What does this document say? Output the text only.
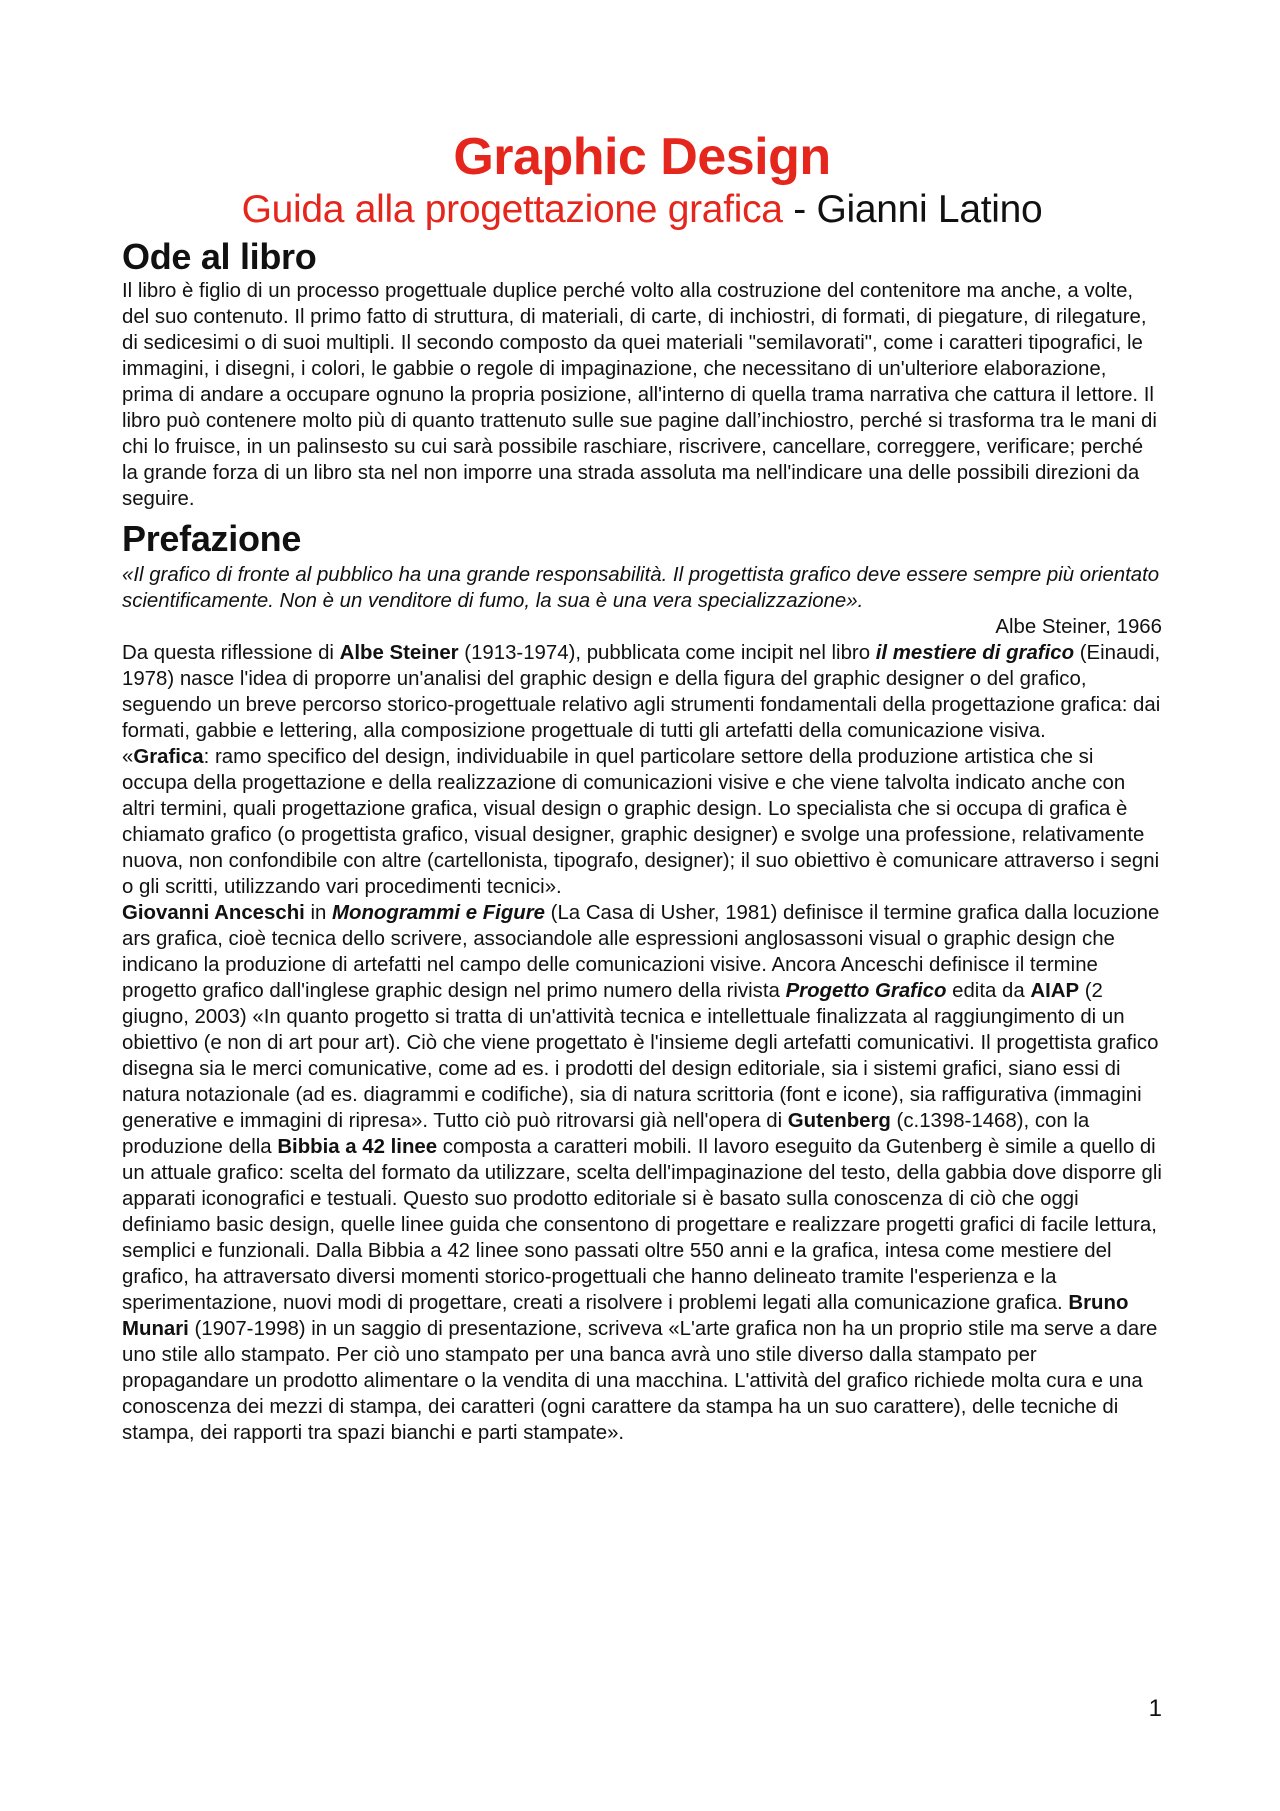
Graphic Design
Guida alla progettazione grafica - Gianni Latino
Ode al libro

Il libro è figlio di un processo progettuale duplice perché volto alla costruzione del contenitore ma anche, a volte, del suo contenuto. Il primo fatto di struttura, di materiali, di carte, di inchiostri, di formati, di piegature, di rilegature, di sedicesimi o di suoi multipli. Il secondo composto da quei materiali "semilavorati", come i caratteri tipografici, le immagini, i disegni, i colori, le gabbie o regole di impaginazione, che necessitano di un'ulteriore elaborazione, prima di andare a occupare ognuno la propria posizione, all'interno di quella trama narrativa che cattura il lettore. Il libro può contenere molto più di quanto trattenuto sulle sue pagine dall’inchiostro, perché si trasforma tra le mani di chi lo fruisce, in un palinsesto su cui sarà possibile raschiare, riscrivere, cancellare, correggere, verificare; perché la grande forza di un libro sta nel non imporre una strada assoluta ma nell'indicare una delle possibili direzioni da seguire.

Prefazione

«Il grafico di fronte al pubblico ha una grande responsabilità. Il progettista grafico deve essere sempre più orientato scientificamente. Non è un venditore di fumo, la sua è una vera specializzazione».

Albe Steiner, 1966

Da questa riflessione di Albe Steiner (1913-1974), pubblicata come incipit nel libro il mestiere di grafico (Einaudi, 1978) nasce l'idea di proporre un'analisi del graphic design e della figura del graphic designer o del grafico, seguendo un breve percorso storico-progettuale relativo agli strumenti fondamentali della progettazione grafica: dai formati, gabbie e lettering, alla composizione progettuale di tutti gli artefatti della comunicazione visiva.

«Grafica: ramo specifico del design, individuabile in quel particolare settore della produzione artistica che si occupa della progettazione e della realizzazione di comunicazioni visive e che viene talvolta indicato anche con altri termini, quali progettazione grafica, visual design o graphic design. Lo specialista che si occupa di grafica è chiamato grafico (o progettista grafico, visual designer, graphic designer) e svolge una professione, relativamente nuova, non confondibile con altre (cartellonista, tipografo, designer); il suo obiettivo è comunicare attraverso i segni o gli scritti, utilizzando vari procedimenti tecnici».

Giovanni Anceschi in Monogrammi e Figure (La Casa di Usher, 1981) definisce il termine grafica dalla locuzione ars grafica, cioè tecnica dello scrivere, associandole alle espressioni anglosassoni visual o graphic design che indicano la produzione di artefatti nel campo delle comunicazioni visive. Ancora Anceschi definisce il termine progetto grafico dall'inglese graphic design nel primo numero della rivista Progetto Grafico edita da AIAP (2 giugno, 2003) «In quanto progetto si tratta di un'attività tecnica e intellettuale finalizzata al raggiungimento di un obiettivo (e non di art pour art). Ciò che viene progettato è l'insieme degli artefatti comunicativi. Il progettista grafico disegna sia le merci comunicative, come ad es. i prodotti del design editoriale, sia i sistemi grafici, siano essi di natura notazionale (ad es. diagrammi e codifiche), sia di natura scrittoria (font e icone), sia raffigurativa (immagini generative e immagini di ripresa». Tutto ciò può ritrovarsi già nell'opera di Gutenberg (c.1398-1468), con la produzione della Bibbia a 42 linee composta a caratteri mobili. Il lavoro eseguito da Gutenberg è simile a quello di un attuale grafico: scelta del formato da utilizzare, scelta dell'impaginazione del testo, della gabbia dove disporre gli apparati iconografici e testuali. Questo suo prodotto editoriale si è basato sulla conoscenza di ciò che oggi definiamo basic design, quelle linee guida che consentono di progettare e realizzare progetti grafici di facile lettura, semplici e funzionali. Dalla Bibbia a 42 linee sono passati oltre 550 anni e la grafica, intesa come mestiere del grafico, ha attraversato diversi momenti storico-progettuali che hanno delineato tramite l'esperienza e la sperimentazione, nuovi modi di progettare, creati a risolvere i problemi legati alla comunicazione grafica. Bruno Munari (1907-1998) in un saggio di presentazione, scriveva «L'arte grafica non ha un proprio stile ma serve a dare uno stile allo stampato. Per ciò uno stampato per una banca avrà uno stile diverso dalla stampato per propagandare un prodotto alimentare o la vendita di una macchina. L'attività del grafico richiede molta cura e una conoscenza dei mezzi di stampa, dei caratteri (ogni carattere da stampa ha un suo carattere), delle tecniche di stampa, dei rapporti tra spazi bianchi e parti stampate».

1
